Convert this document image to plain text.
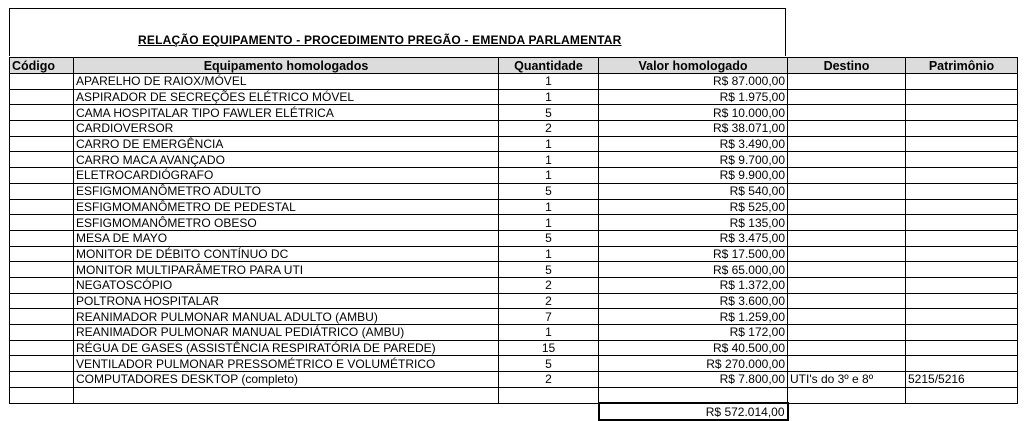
RELAÇÃO EQUIPAMENTO - PROCEDIMENTO PREGÃO - EMENDA PARLAMENTAR
Código	Equipamento homologados	Quantidade	Valor homologado	Destino	Patrimônio
	APARELHO DE RAIOX/MÓVEL	1	R$ 87.000,00		
	ASPIRADOR DE SECREÇÕES ELÉTRICO MÓVEL	1	R$ 1.975,00		
	CAMA HOSPITALAR TIPO FAWLER ELÉTRICA	5	R$ 10.000,00		
	CARDIOVERSOR	2	R$ 38.071,00		
	CARRO DE EMERGÊNCIA	1	R$ 3.490,00		
	CARRO MACA AVANÇADO	1	R$ 9.700,00		
	ELETROCARDIÓGRAFO	1	R$ 9.900,00		
	ESFIGMOMANÔMETRO ADULTO	5	R$ 540,00		
	ESFIGMOMANÔMETRO DE PEDESTAL	1	R$ 525,00		
	ESFIGMOMANÔMETRO OBESO	1	R$ 135,00		
	MESA DE MAYO	5	R$ 3.475,00		
	MONITOR DE DÉBITO CONTÍNUO DC	1	R$ 17.500,00		
	MONITOR MULTIPARÂMETRO PARA UTI	5	R$ 65.000,00		
	NEGATOSCÓPIO	2	R$ 1.372,00		
	POLTRONA HOSPITALAR	2	R$ 3.600,00		
	REANIMADOR PULMONAR MANUAL ADULTO (AMBU)	7	R$ 1.259,00		
	REANIMADOR PULMONAR MANUAL PEDIÁTRICO (AMBU)	1	R$ 172,00		
	RÉGUA DE GASES (ASSISTÊNCIA RESPIRATÓRIA DE PAREDE)	15	R$ 40.500,00		
	VENTILADOR PULMONAR PRESSOMÉTRICO E VOLUMÉTRICO	5	R$ 270.000,00		
	COMPUTADORES DESKTOP (completo)	2	R$ 7.800,00	UTI's do 3º e 8º	5215/5216

			R$ 572.014,00		
